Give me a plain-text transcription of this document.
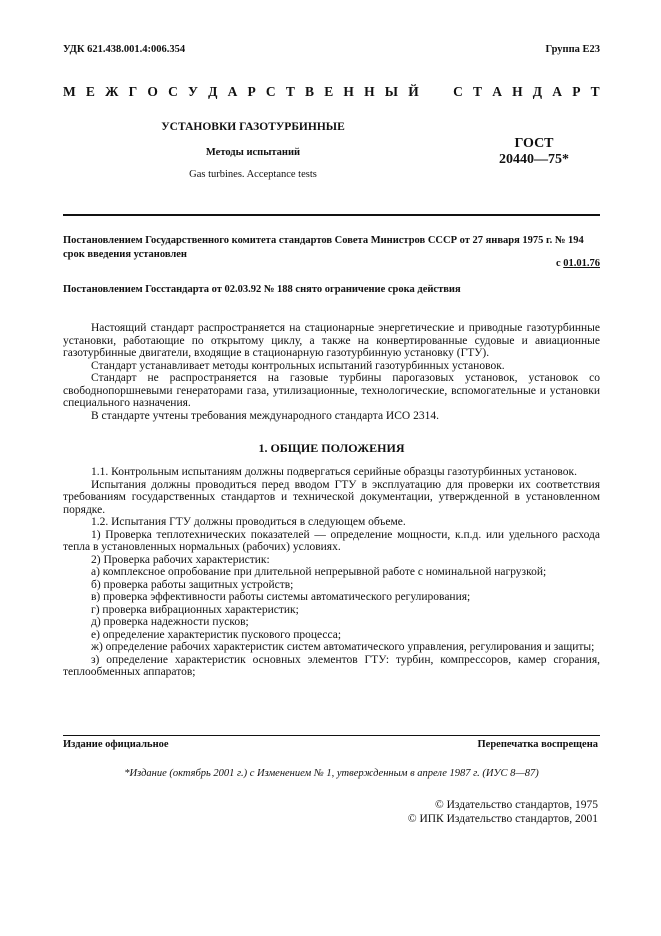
УДК 621.438.001.4:006.354	Группа Е23
М Е Ж Г О С У Д А Р С Т В Е Н Н Ы Й	С Т А Н Д А Р Т
УСТАНОВКИ ГАЗОТУРБИННЫЕ
Методы испытаний
Gas turbines. Acceptance tests
ГОСТ
20440—75*
Постановлением Государственного комитета стандартов Совета Министров СССР от 27 января 1975 г. № 194 срок введения установлен
с 01.01.76
Постановлением Госстандарта от 02.03.92 № 188 снято ограничение срока действия

Настоящий стандарт распространяется на стационарные энергетические и приводные газотурбинные установки, работающие по открытому циклу, а также на конвертированные судовые и авиационные газотурбинные двигатели, входящие в стационарную газотурбинную установку (ГТУ).

Стандарт устанавливает методы контрольных испытаний газотурбинных установок.

Стандарт не распространяется на газовые турбины парогазовых установок, установок со свободнопоршневыми генераторами газа, утилизационные, технологические, вспомогательные и установки специального назначения.

В стандарте учтены требования международного стандарта ИСО 2314.

1. ОБЩИЕ ПОЛОЖЕНИЯ

1.1. Контрольным испытаниям должны подвергаться серийные образцы газотурбинных установок.

Испытания должны проводиться перед вводом ГТУ в эксплуатацию для проверки их соответствия требованиям государственных стандартов и технической документации, утвержденной в установленном порядке.

1.2. Испытания ГТУ должны проводиться в следующем объеме.

1) Проверка теплотехнических показателей — определение мощности, к.п.д. или удельного расхода тепла в установленных нормальных (рабочих) условиях.

2) Проверка рабочих характеристик:

а) комплексное опробование при длительной непрерывной работе с номинальной нагрузкой;

б) проверка работы защитных устройств;

в) проверка эффективности работы системы автоматического регулирования;

г) проверка вибрационных характеристик;

д) проверка надежности пусков;

е) определение характеристик пускового процесса;

ж) определение рабочих характеристик систем автоматического управления, регулирования и защиты;

з) определение характеристик основных элементов ГТУ: турбин, компрессоров, камер сгорания, теплообменных аппаратов;

Издание официальное	Перепечатка воспрещена
*Издание (октябрь 2001 г.) с Изменением № 1, утвержденным в апреле 1987 г. (ИУС 8—87)
© Издательство стандартов, 1975
© ИПК Издательство стандартов, 2001
